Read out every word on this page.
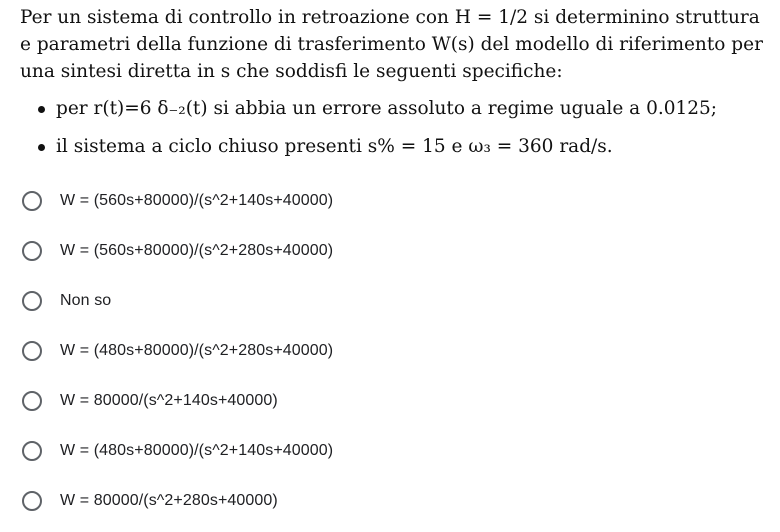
Per un sistema di controllo in retroazione con H = 1/2 si determinino struttura

e parametri della funzione di trasferimento W(s) del modello di riferimento per

una sintesi diretta in s che soddisfi le seguenti specifiche:

per r(t)=6 δ₋₂(t) si abbia un errore assoluto a regime uguale a 0.0125;
il sistema a ciclo chiuso presenti s% = 15 e ω₃ = 360 rad/s.
W = (560s+80000)/(s^2+140s+40000)
W = (560s+80000)/(s^2+280s+40000)
Non so
W = (480s+80000)/(s^2+280s+40000)
W = 80000/(s^2+140s+40000)
W = (480s+80000)/(s^2+140s+40000)
W = 80000/(s^2+280s+40000)
